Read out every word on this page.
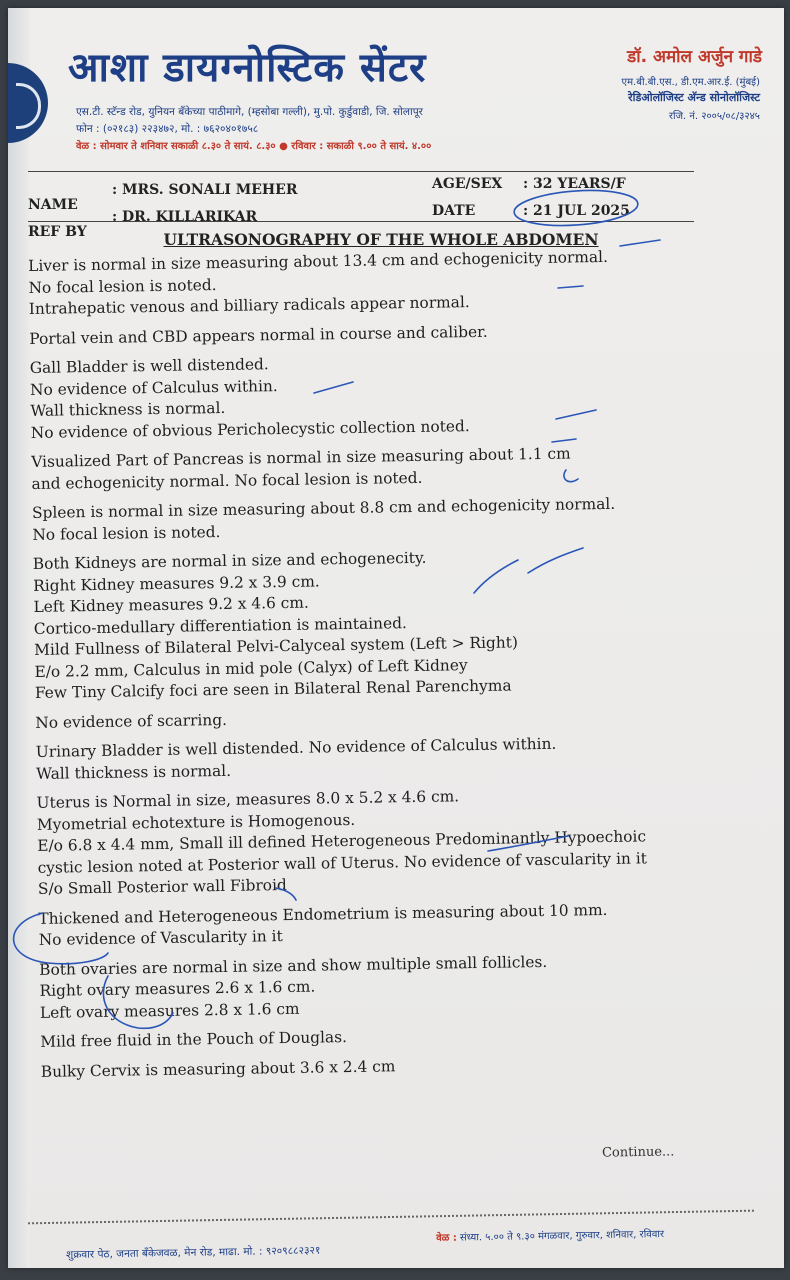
आशा डायग्नोस्टिक सेंटर
एस.टी. स्टॅन्ड रोड, युनियन बँकेच्या पाठीमागे, (म्हसोबा गल्ली), मु.पो. कुर्डुवाडी, जि. सोलापूर
फोन : (०२१८३) २२३४७२, मो. : ७६२०४०१७५८
वेळ : सोमवार ते शनिवार सकाळी ८.३० ते सायं. ८.३० ● रविवार : सकाळी ९.०० ते सायं. ४.००
डॉ. अमोल अर्जुन गाडे
एम.बी.बी.एस., डी.एम.आर.ई. (मुंबई)
रेडिओलॉजिस्ट अ‍ॅन्ड सोनोलॉजिस्ट
रजि. नं. २००५/०८/३२४५
NAME
: MRS. SONALI MEHER
REF BY
: DR. KILLARIKAR
AGE/SEX : 32 YEARS/F
DATE	: 21 JUL 2025
ULTRASONOGRAPHY OF THE WHOLE ABDOMEN
Liver is normal in size measuring about 13.4 cm and echogenicity normal.
No focal lesion is noted.
Intrahepatic venous and billiary radicals appear normal.
Portal vein and CBD appears normal in course and caliber.
Gall Bladder is well distended.
No evidence of Calculus within.
Wall thickness is normal.
No evidence of obvious Pericholecystic collection noted.
Visualized Part of Pancreas is normal in size measuring about 1.1 cm
and echogenicity normal. No focal lesion is noted.
Spleen is normal in size measuring about 8.8 cm and echogenicity normal.
No focal lesion is noted.
Both Kidneys are normal in size and echogenecity.
Right Kidney measures 9.2 x 3.9 cm.
Left Kidney measures 9.2 x 4.6 cm.
Cortico-medullary differentiation is maintained.
Mild Fullness of Bilateral Pelvi-Calyceal system (Left > Right)
E/o 2.2 mm, Calculus in mid pole (Calyx) of Left Kidney
Few Tiny Calcify foci are seen in Bilateral Renal Parenchyma
No evidence of scarring.
Urinary Bladder is well distended. No evidence of Calculus within.
Wall thickness is normal.
Uterus is Normal in size, measures 8.0 x 5.2 x 4.6 cm.
Myometrial echotexture is Homogenous.
E/o 6.8 x 4.4 mm, Small ill defined Heterogeneous Predominantly Hypoechoic
cystic lesion noted at Posterior wall of Uterus. No evidence of vascularity in it
S/o Small Posterior wall Fibroid
Thickened and Heterogeneous Endometrium is measuring about 10 mm.
No evidence of Vascularity in it
Both ovaries are normal in size and show multiple small follicles.
Right ovary measures 2.6 x 1.6 cm.
Left ovary measures 2.8 x 1.6 cm
Mild free fluid in the Pouch of Douglas.
Bulky Cervix is measuring about 3.6 x 2.4 cm
Continue...
शुक्रवार पेठ, जनता बँकेजवळ, मेन रोड, माढा. मो. : ९२०९८८२३२१
वेळ : संध्या. ५.०० ते ९.३० मंगळवार, गुरुवार, शनिवार, रविवार
